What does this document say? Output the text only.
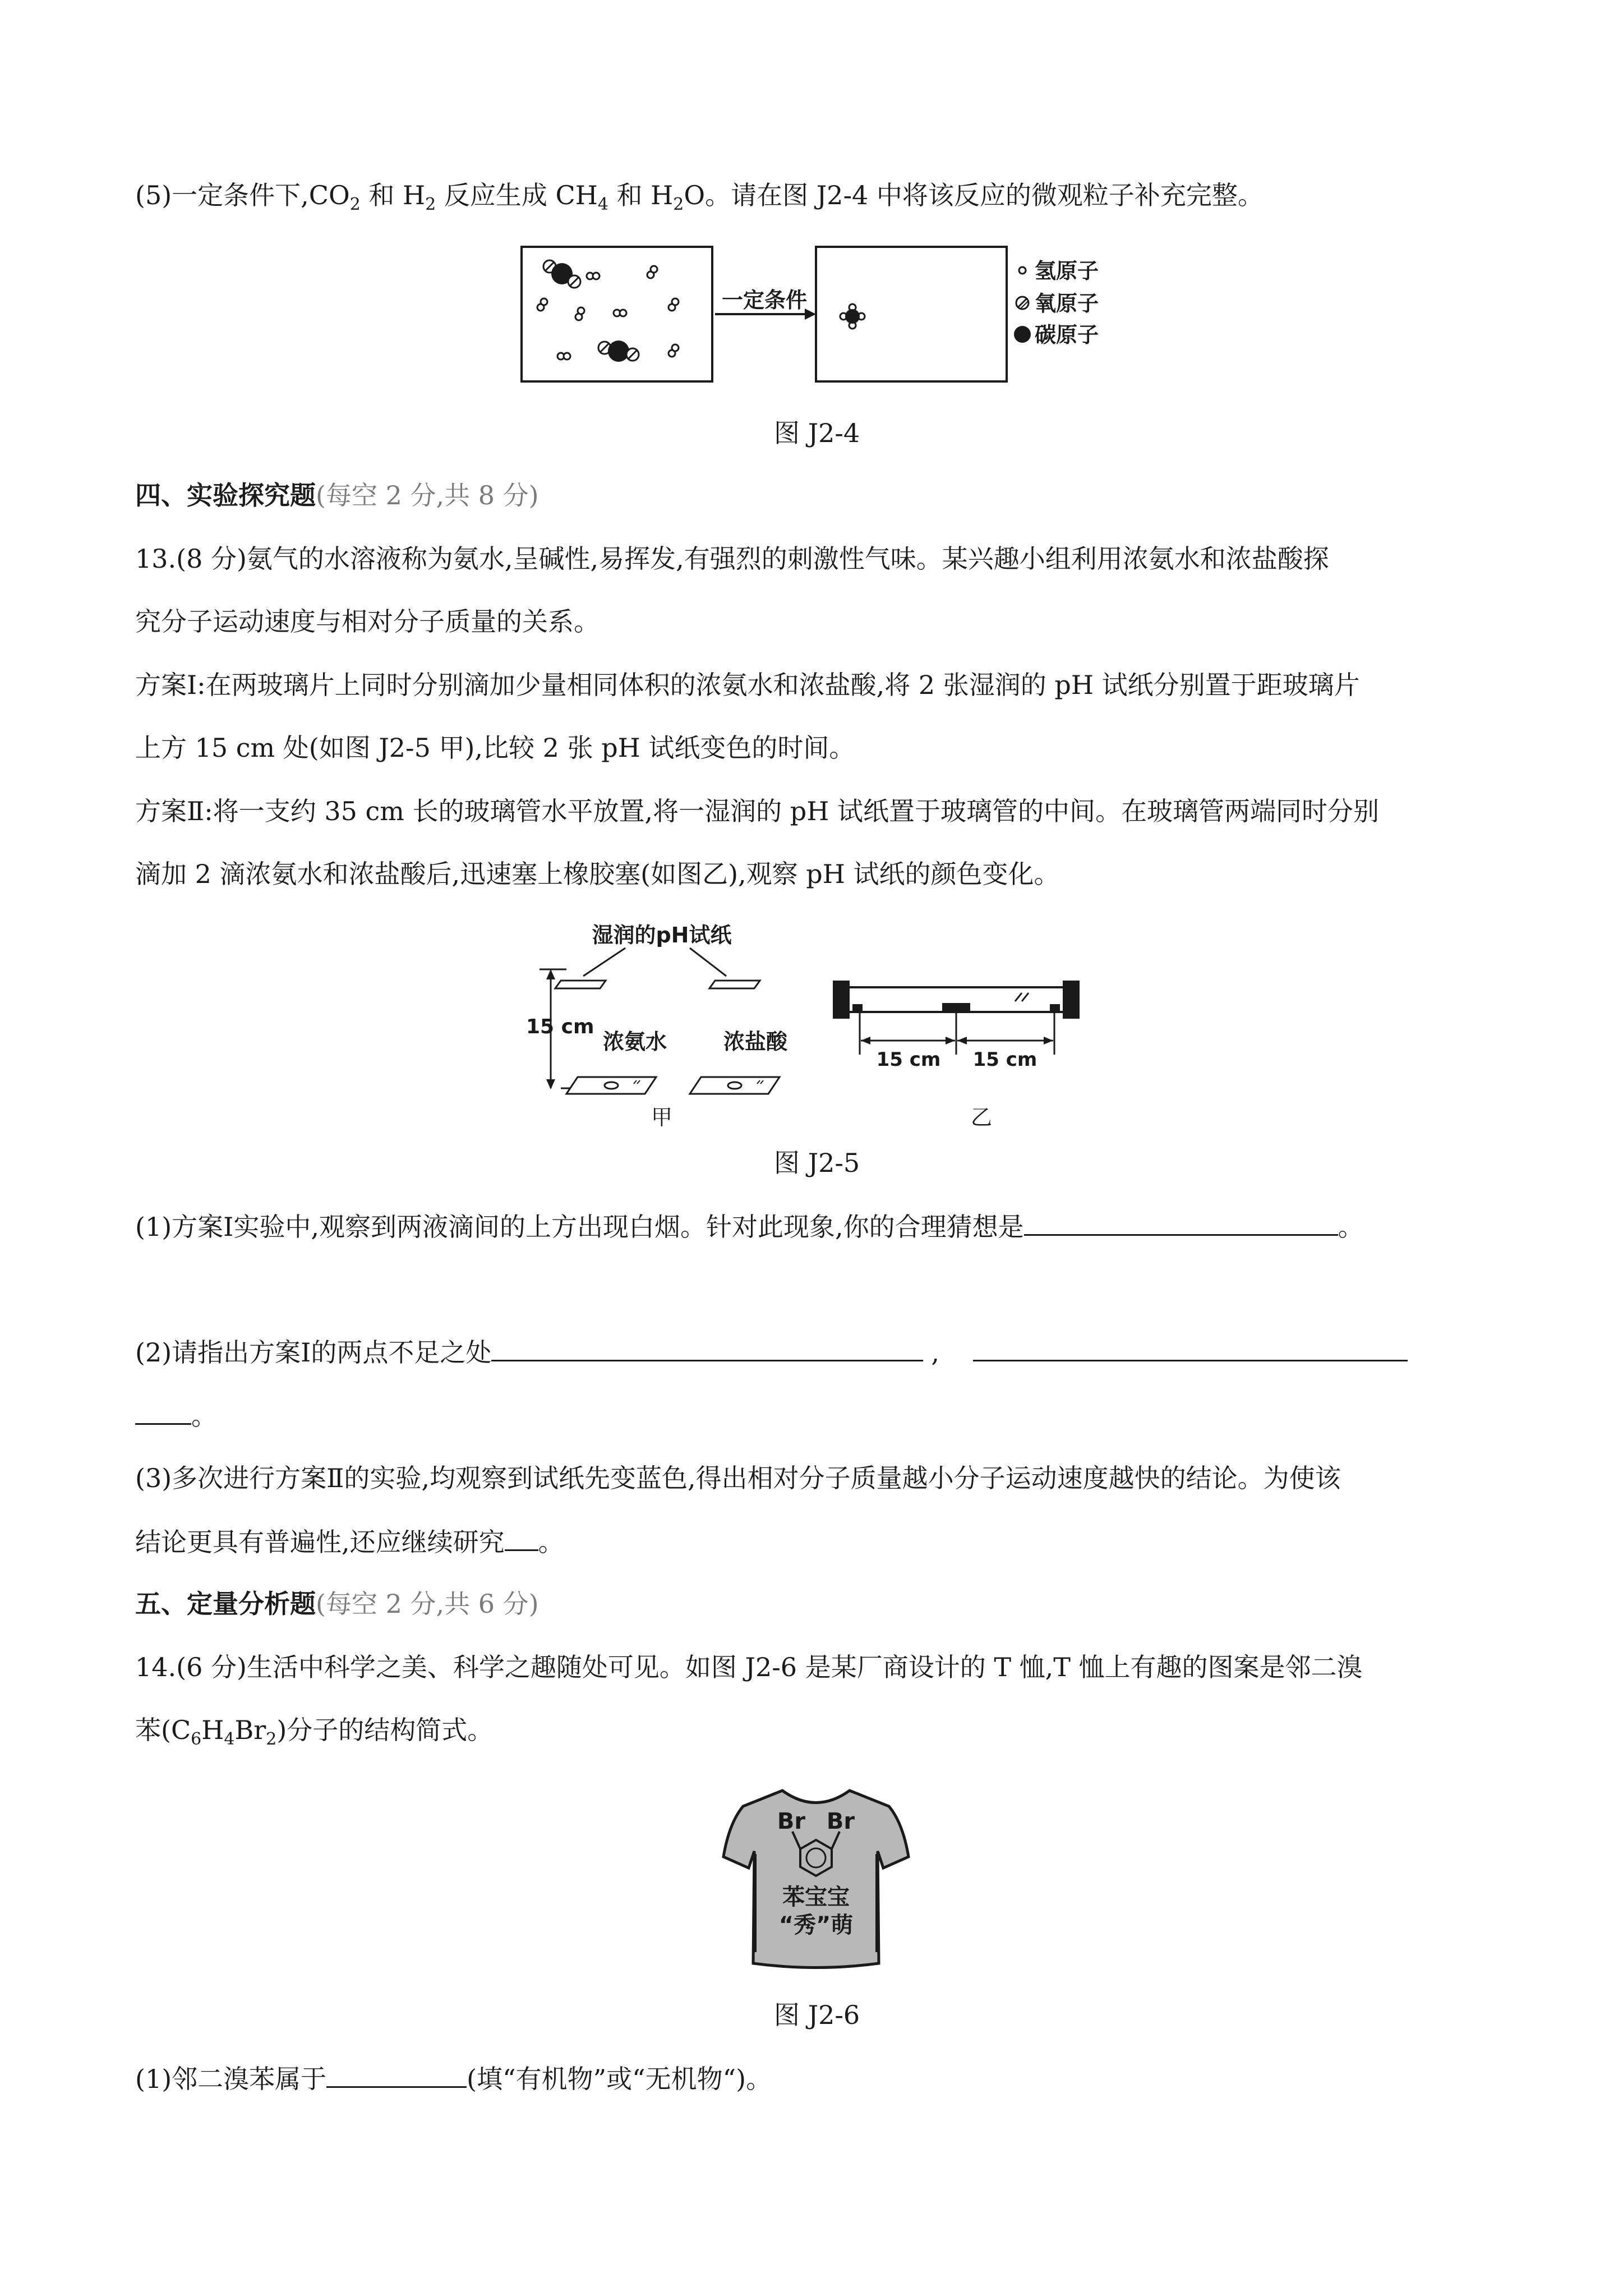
(5)一定条件下$,CO_2$ 和 $H_2$ 反应生成 $CH_4$ 和 $H_2O$。请在图 J2-4 中将该反应的微观粒子补充完整。
一定条件
氢原子
氧原子
碳原子
图 J2-4
四、实验探究题(每空 2 分,共 8 分)
13.(8 分)氨气的水溶液称为氨水,呈碱性,易挥发,有强烈的刺激性气味。某兴趣小组利用浓氨水和浓盐酸探
究分子运动速度与相对分子质量的关系。
方案Ⅰ:在两玻璃片上同时分别滴加少量相同体积的浓氨水和浓盐酸,将 2 张湿润的 pH 试纸分别置于距玻璃片
上方 15 cm 处(如图 J2-5 甲),比较 2 张 pH 试纸变色的时间。
方案Ⅱ:将一支约 35 cm 长的玻璃管水平放置,将一湿润的 pH 试纸置于玻璃管的中间。在玻璃管两端同时分别
滴加 2 滴浓氨水和浓盐酸后,迅速塞上橡胶塞(如图乙),观察 pH 试纸的颜色变化。
湿润的pH试纸
15 cm
浓氨水	浓盐酸
甲
15 cm 15 cm
乙
图 J2-5
(1)方案Ⅰ实验中,观察到两液滴间的上方出现白烟。针对此现象,你的合理猜想是	。
(2)请指出方案Ⅰ的两点不足之处	,
。
(3)多次进行方案Ⅱ的实验,均观察到试纸先变蓝色,得出相对分子质量越小分子运动速度越快的结论。为使该
结论更具有普遍性,还应继续研究 。
五、定量分析题(每空 2 分,共 6 分)
14.(6 分)生活中科学之美、科学之趣随处可见。如图 J2-6 是某厂商设计的 T 恤,T 恤上有趣的图案是邻二溴
苯$(C_6H_4Br_2)$分子的结构简式。
Br Br
苯宝宝
“秀”萌
图 J2-6
(1)邻二溴苯属于	(填“有机物”或“无机物“)。
